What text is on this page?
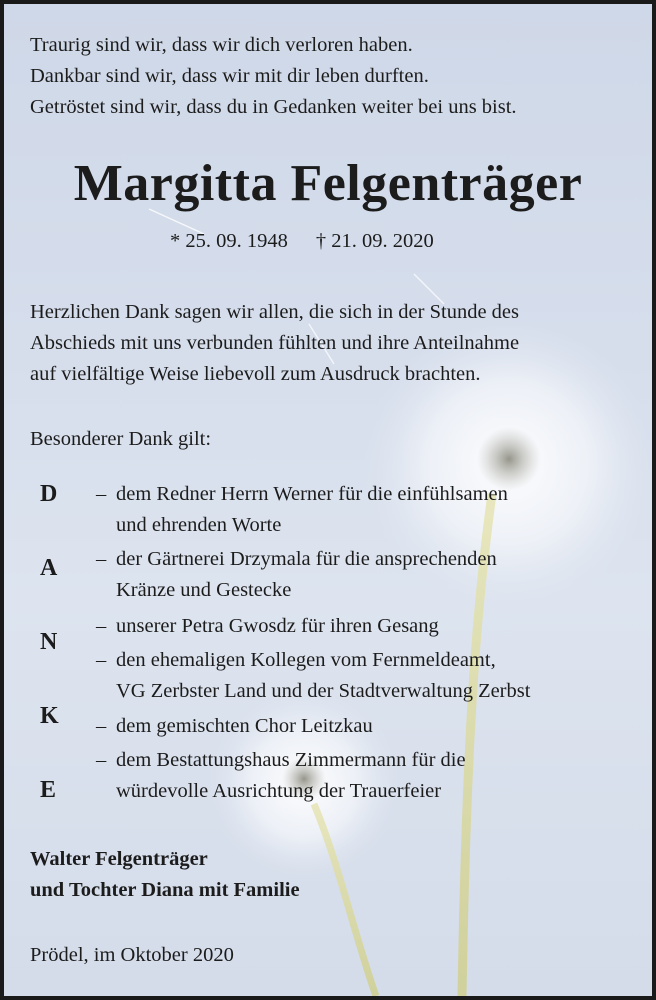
Traurig sind wir, dass wir dich verloren haben.
Dankbar sind wir, dass wir mit dir leben durften.
Getröstet sind wir, dass du in Gedanken weiter bei uns bist.
Margitta Felgenträger
* 25. 09. 1948 † 21. 09. 2020
Herzlichen Dank sagen wir allen, die sich in der Stunde des
Abschieds mit uns verbunden fühlten und ihre Anteilnahme
auf vielfältige Weise liebevoll zum Ausdruck brachten.
Besonderer Dank gilt:
D
A
N
K
E
– dem Redner Herrn Werner für die einfühlsamen
und ehrenden Worte
– der Gärtnerei Drzymala für die ansprechenden
Kränze und Gestecke
– unserer Petra Gwosdz für ihren Gesang
– den ehemaligen Kollegen vom Fernmeldeamt,
VG Zerbster Land und der Stadtverwaltung Zerbst
– dem gemischten Chor Leitzkau
– dem Bestattungshaus Zimmermann für die
würdevolle Ausrichtung der Trauerfeier
Walter Felgenträger
und Tochter Diana mit Familie
Prödel, im Oktober 2020
